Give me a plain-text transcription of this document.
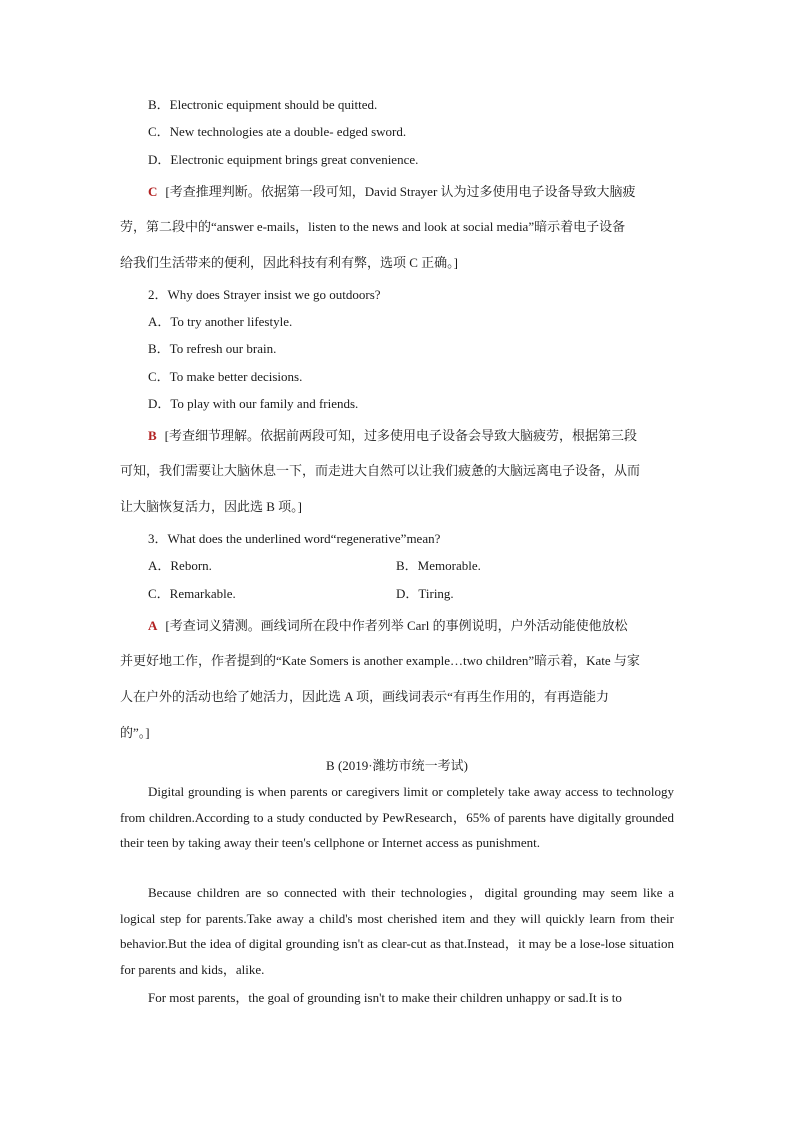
B．Electronic equipment should be quitted.
C．New technologies ate a double- edged sword.
D．Electronic equipment brings great convenience.
C [考查推理判断。依据第一段可知，David Strayer 认为过多使用电子设备导致大脑疲
劳，第二段中的“answer e-mails，listen to the news and look at social media”暗示着电子设备
给我们生活带来的便利，因此科技有利有弊，选项 C 正确。]
2．Why does Strayer insist we go outdoors?
A．To try another lifestyle.
B．To refresh our brain.
C．To make better decisions.
D．To play with our family and friends.
B [考查细节理解。依据前两段可知，过多使用电子设备会导致大脑疲劳，根据第三段
可知，我们需要让大脑休息一下，而走进大自然可以让我们疲惫的大脑远离电子设备，从而
让大脑恢复活力，因此选 B 项。]
3．What does the underlined word“regenerative”mean?
A．Reborn.	B．Memorable.
C．Remarkable.	D．Tiring.
A [考查词义猜测。画线词所在段中作者列举 Carl 的事例说明，户外活动能使他放松
并更好地工作，作者提到的“Kate Somers is another example…two children”暗示着，Kate 与家
人在户外的活动也给了她活力，因此选 A 项，画线词表示“有再生作用的，有再造能力
的”。]
B (2019·潍坊市统一考试)

Digital grounding is when parents or caregivers limit or completely take away access to technology from children.According to a study conducted by PewResearch，65% of parents have digitally grounded their teen by taking away their teen's cellphone or Internet access as punishment.

Because children are so connected with their technologies，digital grounding may seem like a logical step for parents.Take away a child's most cherished item and they will quickly learn from their behavior.But the idea of digital grounding isn't as clear-cut as that.Instead，it may be a lose-lose situation for parents and kids，alike.

For most parents，the goal of grounding isn't to make their children unhappy or sad.It is to
